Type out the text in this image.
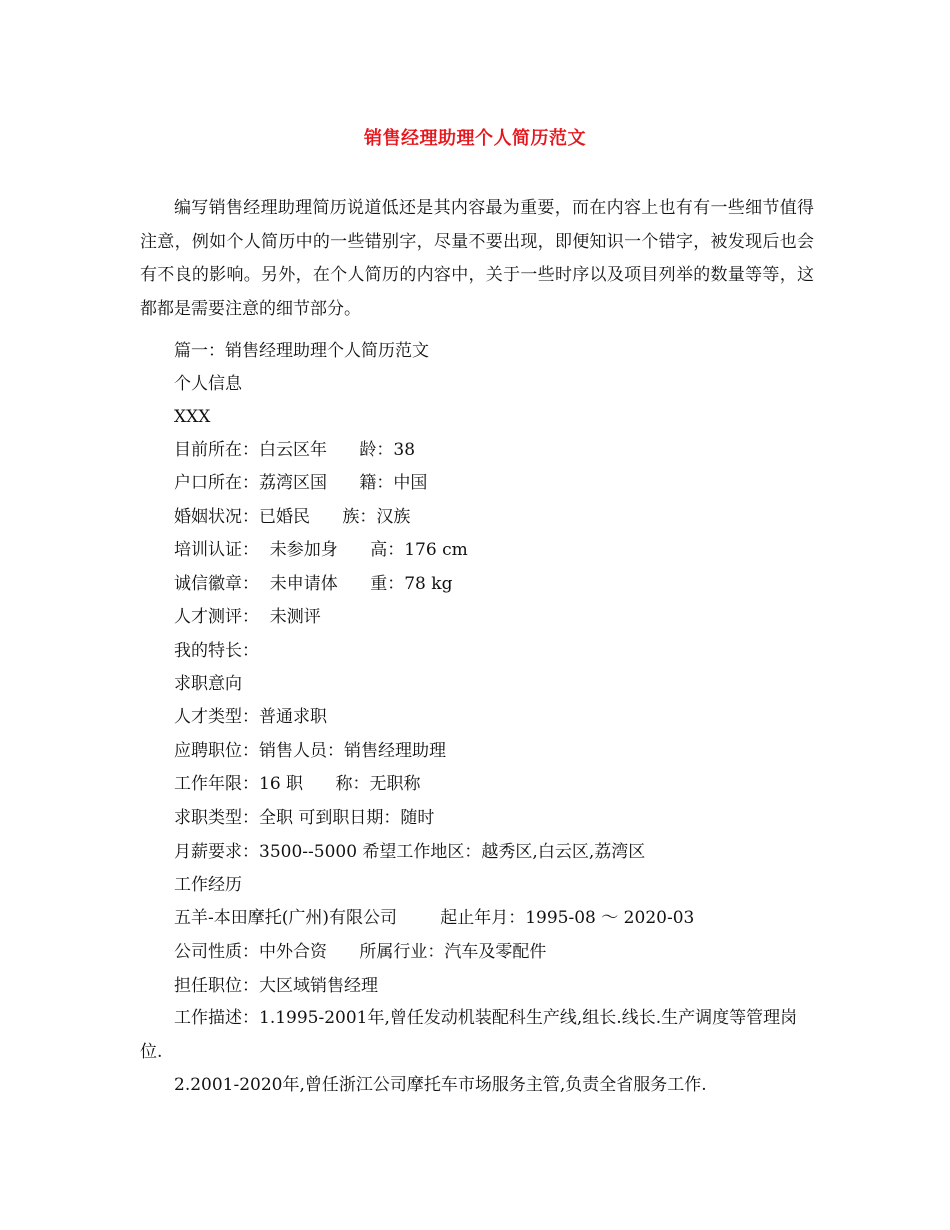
销售经理助理个人简历范文

编写销售经理助理简历说道低还是其内容最为重要，而在内容上也有有一些细节值得注意，例如个人简历中的一些错别字，尽量不要出现，即便知识一个错字，被发现后也会有不良的影响。另外，在个人简历的内容中，关于一些时序以及项目列举的数量等等，这都都是需要注意的细节部分。

篇一：销售经理助理个人简历范文
个人信息
XXX
目前所在：白云区年      龄：38
户口所在：荔湾区国      籍：中国
婚姻状况：已婚民      族：汉族
培训认证：  未参加身      高：176 cm
诚信徽章：  未申请体      重：78 kg
人才测评：  未测评
我的特长：
求职意向
人才类型：普通求职
应聘职位：销售人员：销售经理助理
工作年限：16 职      称：无职称
求职类型：全职 可到职日期：随时
月薪要求：3500--5000 希望工作地区：越秀区,白云区,荔湾区
工作经历
五羊-本田摩托(广州)有限公司        起止年月：1995-08 ～ 2020-03
公司性质：中外合资      所属行业：汽车及零配件
担任职位：大区域销售经理

工作描述：1.1995-2001年,曾任发动机装配科生产线,组长.线长.生产调度等管理岗位.

2.2001-2020年,曾任浙江公司摩托车市场服务主管,负责全省服务工作.
